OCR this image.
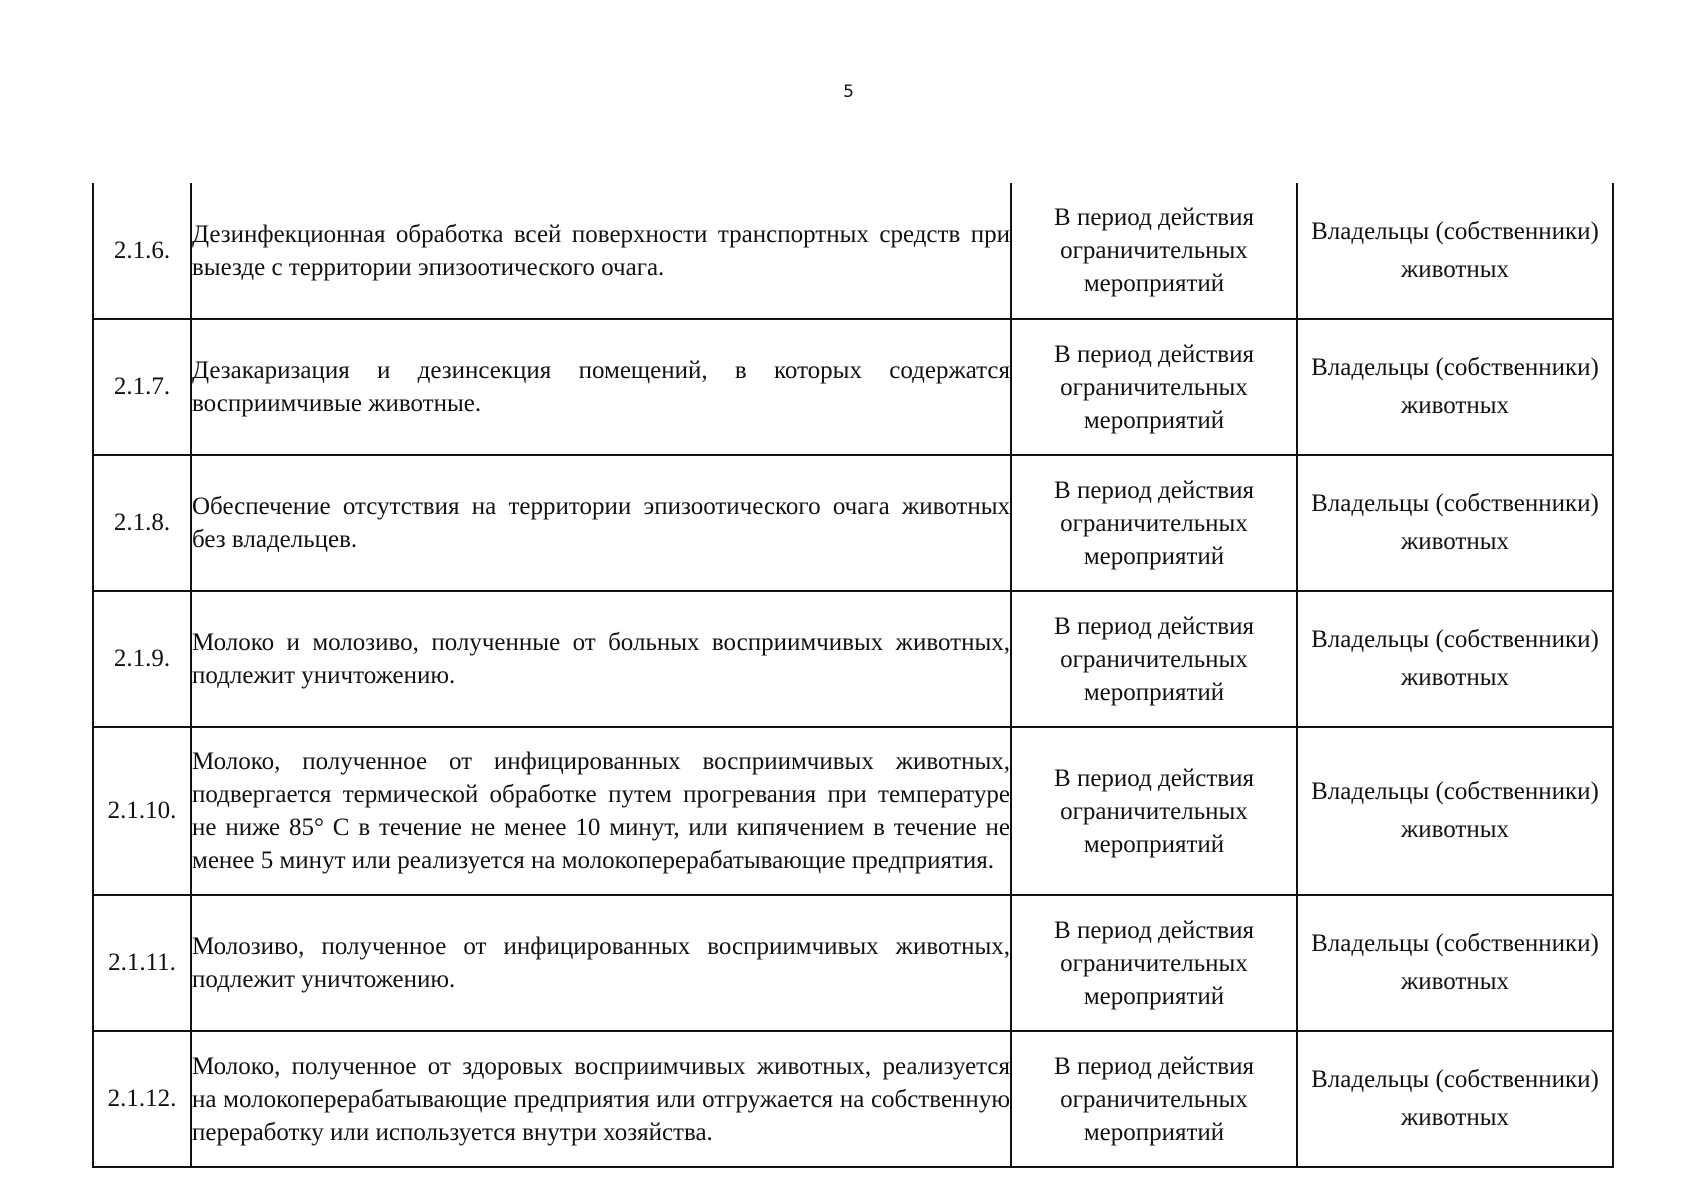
5
2.1.6.	Дезинфекционная обработка всей поверхности транспортных средств при выезде с территории эпизоотического очага.	В период действия ограничительных мероприятий	Владельцы (собственники) животных

2.1.7.	Дезакаризация и дезинсекция помещений, в которых содержатся восприимчивые животные.	В период действия ограничительных мероприятий	Владельцы (собственники) животных

2.1.8.	Обеспечение отсутствия на территории эпизоотического очага животных без владельцев.	В период действия ограничительных мероприятий	Владельцы (собственники) животных

2.1.9.	Молоко и молозиво, полученные от больных восприимчивых животных, подлежит уничтожению.	В период действия ограничительных мероприятий	Владельцы (собственники) животных

2.1.10.	Молоко, полученное от инфицированных восприимчивых животных, подвергается термической обработке путем прогревания при температуре не ниже 85° С в течение не менее 10 минут, или кипячением в течение не менее 5 минут или реализуется на молокоперерабатывающие предприятия.	В период действия ограничительных мероприятий	Владельцы (собственники) животных

2.1.11.	Молозиво, полученное от инфицированных восприимчивых животных, подлежит уничтожению.	В период действия ограничительных мероприятий	Владельцы (собственники) животных

2.1.12.	Молоко, полученное от здоровых восприимчивых животных, реализуется на молокоперерабатывающие предприятия или отгружается на собственную переработку или используется внутри хозяйства.	В период действия ограничительных мероприятий	Владельцы (собственники) животных
